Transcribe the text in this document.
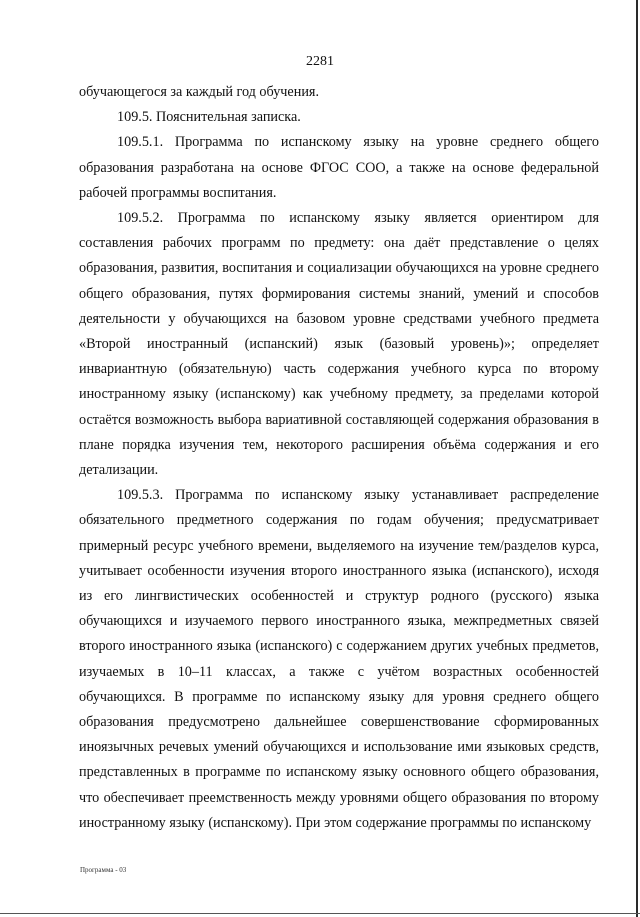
2281

обучающегося за каждый год обучения.

109.5. Пояснительная записка.

109.5.1. Программа по испанскому языку на уровне среднего общего образования разработана на основе ФГОС СОО, а также на основе федеральной рабочей программы воспитания.

109.5.2. Программа по испанскому языку является ориентиром для составления рабочих программ по предмету: она даёт представление о целях образования, развития, воспитания и социализации обучающихся на уровне среднего общего образования, путях формирования системы знаний, умений и способов деятельности у обучающихся на базовом уровне средствами учебного предмета «Второй иностранный (испанский) язык (базовый уровень)»; определяет инвариантную (обязательную) часть содержания учебного курса по второму иностранному языку (испанскому) как учебному предмету, за пределами которой остаётся возможность выбора вариативной составляющей содержания образования в плане порядка изучения тем, некоторого расширения объёма содержания и его детализации.

109.5.3. Программа по испанскому языку устанавливает распределение обязательного предметного содержания по годам обучения; предусматривает примерный ресурс учебного времени, выделяемого на изучение тем/разделов курса, учитывает особенности изучения второго иностранного языка (испанского), исходя из его лингвистических особенностей и структур родного (русского) языка обучающихся и изучаемого первого иностранного языка, межпредметных связей второго иностранного языка (испанского) с содержанием других учебных предметов, изучаемых в 10–11 классах, а также с учётом возрастных особенностей обучающихся. В программе по испанскому языку для уровня среднего общего образования предусмотрено дальнейшее совершенствование сформированных иноязычных речевых умений обучающихся и использование ими языковых средств, представленных в программе по испанскому языку основного общего образования, что обеспечивает преемственность между уровнями общего образования по второму иностранному языку (испанскому). При этом содержание программы по испанскому

Программа - 03
